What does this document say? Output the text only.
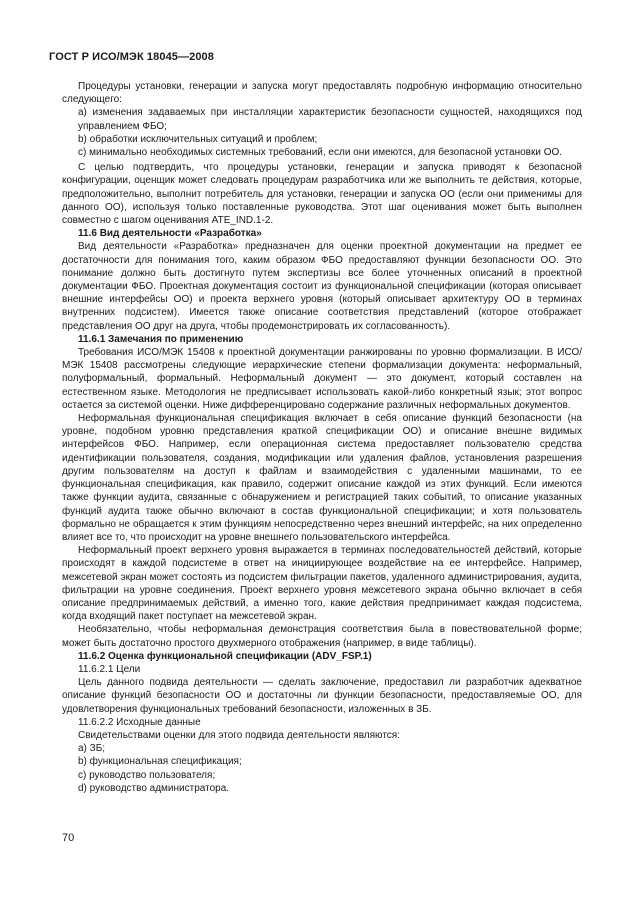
ГОСТ Р ИСО/МЭК 18045—2008

Процедуры установки, генерации и запуска могут предоставлять подробную информацию относительно следующего:

а) изменения задаваемых при инсталляции характеристик безопасности сущностей, находящихся под управлением ФБО;

b) обработки исключительных ситуаций и проблем;

с) минимально необходимых системных требований, если они имеются, для безопасной установки ОО.

С целью подтвердить, что процедуры установки, генерации и запуска приводят к безопасной конфигурации, оценщик может следовать процедурам разработчика или же выполнить те действия, которые, предположительно, выполнит потребитель для установки, генерации и запуска ОО (если они применимы для данного ОО), используя только поставленные руководства. Этот шаг оценивания может быть выполнен совместно с шагом оценивания ATE_IND.1-2.

11.6 Вид деятельности «Разработка»

Вид деятельности «Разработка» предназначен для оценки проектной документации на предмет ее достаточности для понимания того, каким образом ФБО предоставляют функции безопасности ОО. Это понимание должно быть достигнуто путем экспертизы все более уточненных описаний в проектной документации ФБО. Проектная документация состоит из функциональной спецификации (которая описывает внешние интерфейсы ОО) и проекта верхнего уровня (который описывает архитектуру ОО в терминах внутренних подсистем). Имеется также описание соответствия представлений (которое отображает представления ОО друг на друга, чтобы продемонстрировать их согласованность).

11.6.1 Замечания по применению

Требования ИСО/МЭК 15408 к проектной документации ранжированы по уровню формализации. В ИСО/МЭК 15408 рассмотрены следующие иерархические степени формализации документа: неформальный, полуформальный, формальный. Неформальный документ — это документ, который составлен на естественном языке. Методология не предписывает использовать какой-либо конкретный язык; этот вопрос остается за системой оценки. Ниже дифференцировано содержание различных неформальных документов.

Неформальная функциональная спецификация включает в себя описание функций безопасности (на уровне, подобном уровню представления краткой спецификации ОО) и описание внешне видимых интерфейсов ФБО. Например, если операционная система предоставляет пользователю средства идентификации пользователя, создания, модификации или удаления файлов, установления разрешения другим пользователям на доступ к файлам и взаимодействия с удаленными машинами, то ее функциональная спецификация, как правило, содержит описание каждой из этих функций. Если имеются также функции аудита, связанные с обнаружением и регистрацией таких событий, то описание указанных функций аудита также обычно включают в состав функциональной спецификации; и хотя пользователь формально не обращается к этим функциям непосредственно через внешний интерфейс, на них определенно влияет все то, что происходит на уровне внешнего пользовательского интерфейса.

Неформальный проект верхнего уровня выражается в терминах последовательностей действий, которые происходят в каждой подсистеме в ответ на инициирующее воздействие на ее интерфейсе. Например, межсетевой экран может состоять из подсистем фильтрации пакетов, удаленного администрирования, аудита, фильтрации на уровне соединения. Проект верхнего уровня межсетевого экрана обычно включает в себя описание предпринимаемых действий, а именно того, какие действия предпринимает каждая подсистема, когда входящий пакет поступает на межсетевой экран.

Необязательно, чтобы неформальная демонстрация соответствия была в повествовательной форме; может быть достаточно простого двухмерного отображения (например, в виде таблицы).

11.6.2 Оценка функциональной спецификации (ADV_FSP.1)

11.6.2.1 Цели

Цель данного подвида деятельности — сделать заключение, предоставил ли разработчик адекватное описание функций безопасности ОО и достаточны ли функции безопасности, предоставляемые ОО, для удовлетворения функциональных требований безопасности, изложенных в ЗБ.

11.6.2.2 Исходные данные

Свидетельствами оценки для этого подвида деятельности являются:

а) ЗБ;

b) функциональная спецификация;

с) руководство пользователя;

d) руководство администратора.

70
